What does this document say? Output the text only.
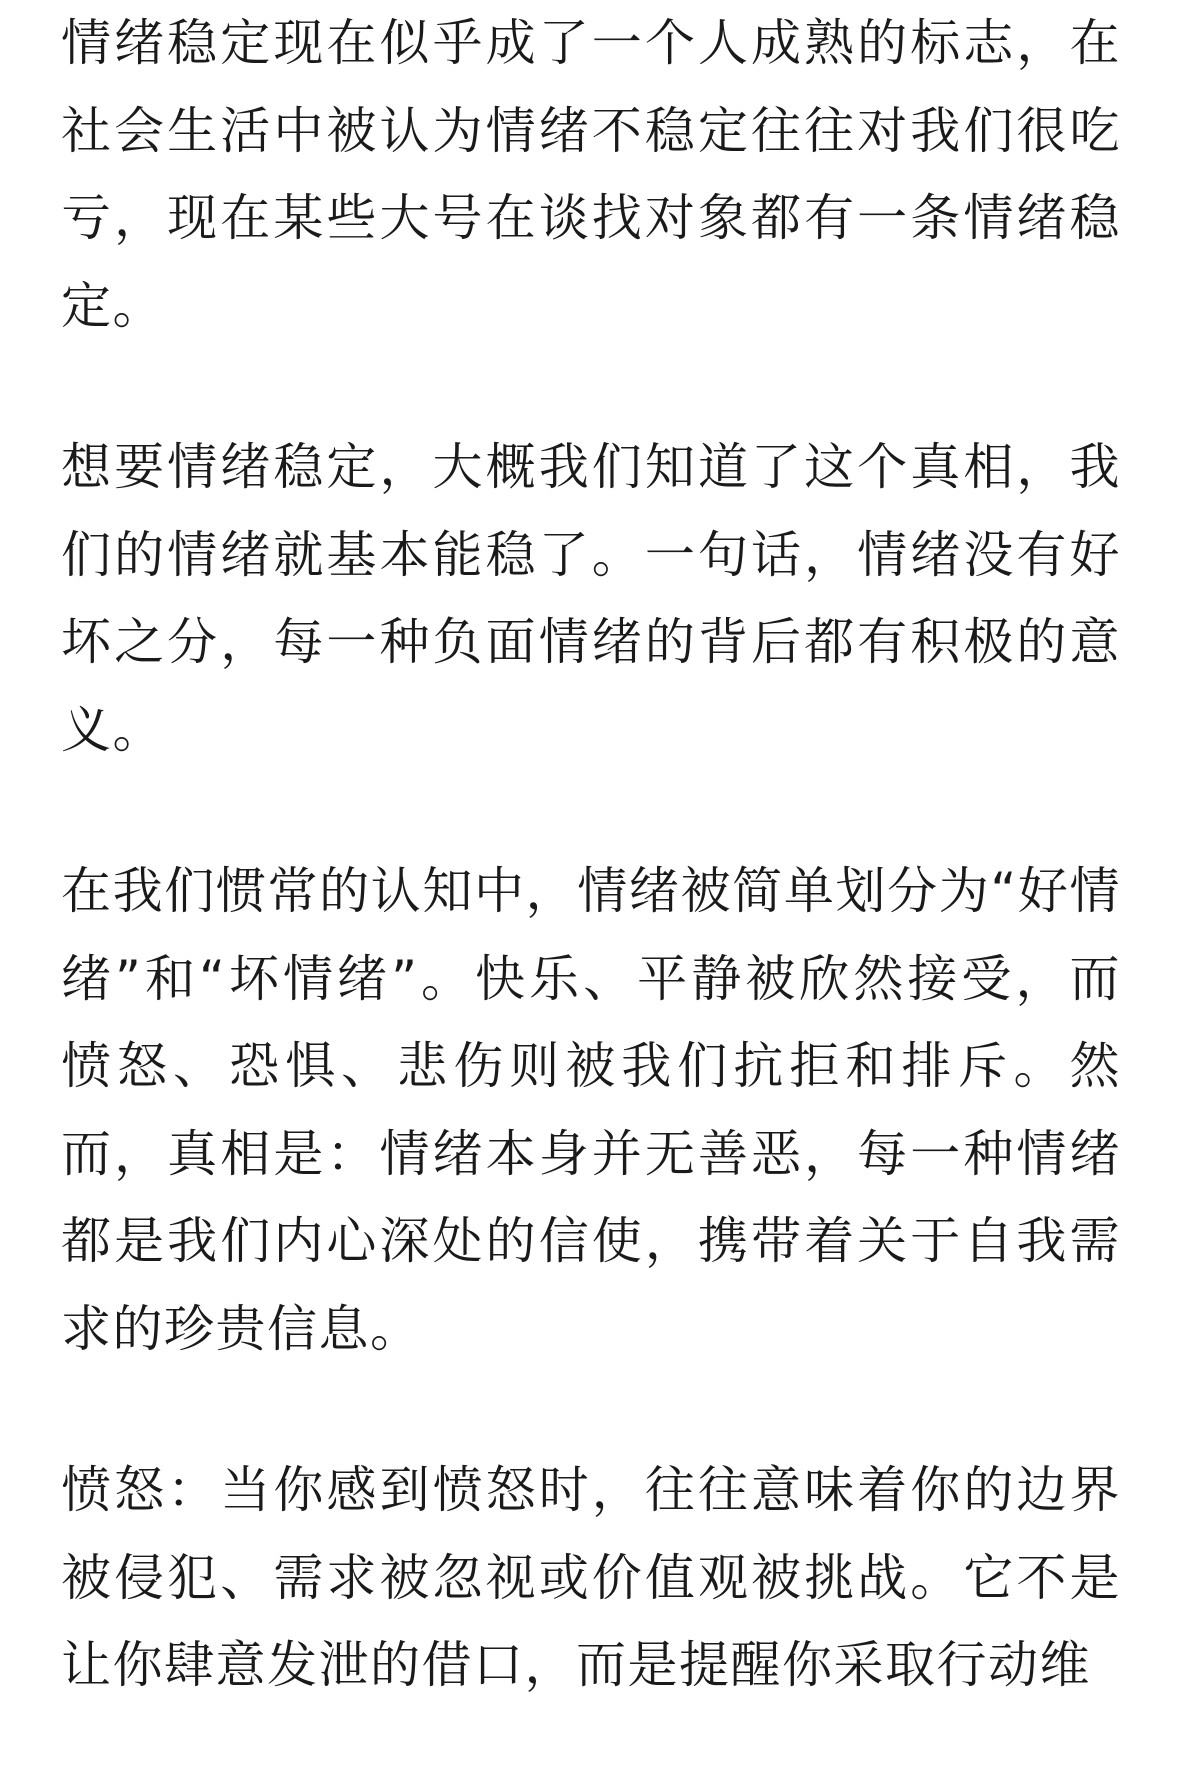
情绪稳定现在似乎成了一个人成熟的标志，在社会生活中被认为情绪不稳定往往对我们很吃亏，现在某些大号在谈找对象都有一条情绪稳定。

想要情绪稳定，大概我们知道了这个真相，我们的情绪就基本能稳了。一句话，情绪没有好坏之分，每一种负面情绪的背后都有积极的意义。

在我们惯常的认知中，情绪被简单划分为“好情绪”和“坏情绪”。快乐、平静被欣然接受，而愤怒、恐惧、悲伤则被我们抗拒和排斥。然而，真相是：情绪本身并无善恶，每一种情绪都是我们内心深处的信使，携带着关于自我需求的珍贵信息。

愤怒：当你感到愤怒时，往往意味着你的边界被侵犯、需求被忽视或价值观被挑战。它不是让你肆意发泄的借口，而是提醒你采取行动维
